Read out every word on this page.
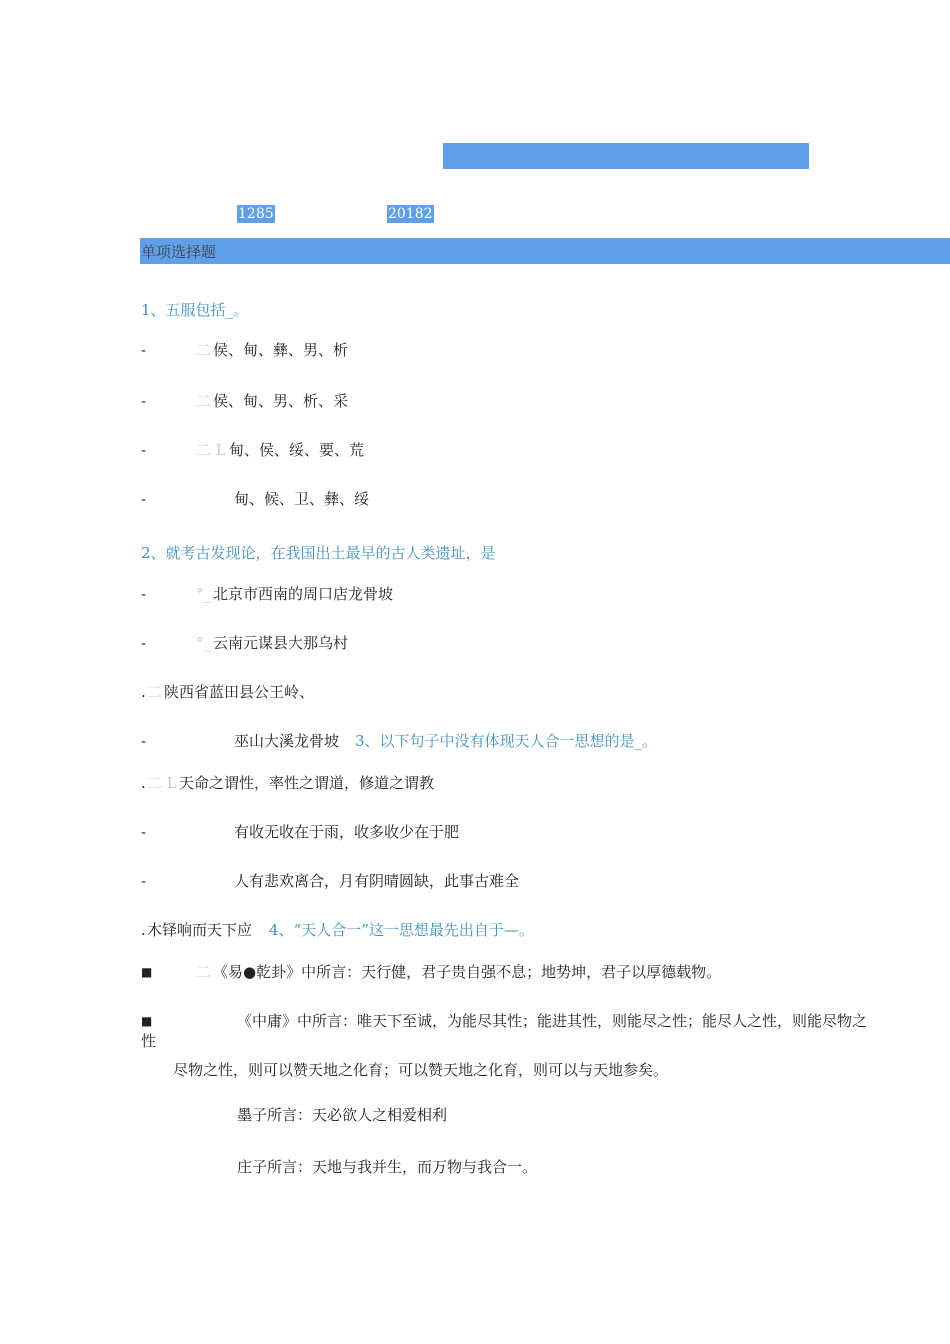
1285	20182
单项选择题
1、五服包括_。
-	二 侯、甸、彝、男、析
-	二 侯、甸、男、析、采
-	二 L 甸、侯、绥、要、荒
-	甸、候、卫、彝、绥
2、就考古发现论，在我国出土最早的古人类遗址，是
-	°_ 北京市西南的周口店龙骨坡
-	°_ 云南元谋县大那乌村
. 二 陕西省蓝田县公王岭、
-	巫山大溪龙骨坡 3、以下句子中没有体现天人合一思想的是_。
. 二 L 天命之谓性，率性之谓道，修道之谓教
-	有收无收在于雨，收多收少在于肥
-	人有悲欢离合，月有阴晴圆缺，此事古难全
. 木铎响而天下应 4、“天人合一”这一思想最先出自于—。
■	二 《易●乾卦》中所言：天行健，君子贵自强不息；地势坤，君子以厚德载物。
■	《中庸》中所言：唯天下至诚，为能尽其性；能进其性，则能尽之性；能尽人之性，则能尽物之
性
尽物之性，则可以赞天地之化育；可以赞天地之化育，则可以与天地参矣。
墨子所言：天必欲人之相爱相利
庄子所言：天地与我并生，而万物与我合一。
